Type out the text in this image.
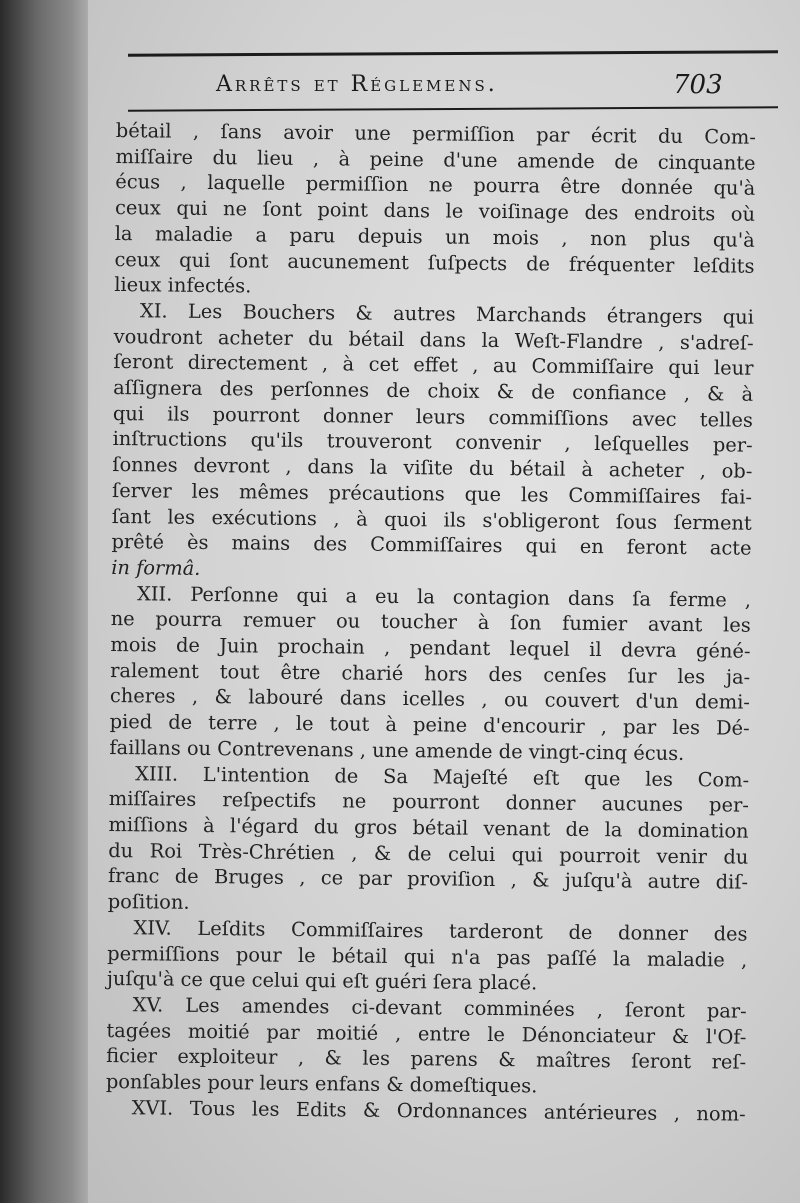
Arrêts et Réglemens.	703
bétail , ſans avoir une permiſſion par écrit du Com-
miſſaire du lieu , à peine d'une amende de cinquante
écus , laquelle permiſſion ne pourra être donnée qu'à
ceux qui ne ſont point dans le voiſinage des endroits où
la maladie a paru depuis un mois , non plus qu'à
ceux qui ſont aucunement ſuſpects de fréquenter leſdits
lieux infectés.
XI. Les Bouchers & autres Marchands étrangers qui
voudront acheter du bétail dans la Weſt-Flandre , s'adreſ-
ſeront directement , à cet effet , au Commiſſaire qui leur
aſſignera des perſonnes de choix & de confiance , & à
qui ils pourront donner leurs commiſſions avec telles
inſtructions qu'ils trouveront convenir , leſquelles per-
ſonnes devront , dans la viſite du bétail à acheter , ob-
ſerver les mêmes précautions que les Commiſſaires fai-
ſant les exécutions , à quoi ils s'obligeront ſous ſerment
prêté ès mains des Commiſſaires qui en feront acte
in formâ.
XII. Perſonne qui a eu la contagion dans ſa ferme ,
ne pourra remuer ou toucher à ſon fumier avant les
mois de Juin prochain , pendant lequel il devra géné-
ralement tout être charié hors des cenſes ſur les ja-
cheres , & labouré dans icelles , ou couvert d'un demi-
pied de terre , le tout à peine d'encourir , par les Dé-
faillans ou Contrevenans , une amende de vingt-cinq écus.
XIII. L'intention de Sa Majeſté eſt que les Com-
miſſaires reſpectifs ne pourront donner aucunes per-
miſſions à l'égard du gros bétail venant de la domination
du Roi Très-Chrétien , & de celui qui pourroit venir du
franc de Bruges , ce par proviſion , & juſqu'à autre diſ-
poſition.
XIV. Leſdits Commiſſaires tarderont de donner des
permiſſions pour le bétail qui n'a pas paſſé la maladie ,
juſqu'à ce que celui qui eſt guéri ſera placé.
XV. Les amendes ci-devant comminées , ſeront par-
tagées moitié par moitié , entre le Dénonciateur & l'Of-
ficier exploiteur , & les parens & maîtres ſeront reſ-
ponſables pour leurs enfans & domeſtiques.
XVI. Tous les Edits & Ordonnances antérieures , nom-
